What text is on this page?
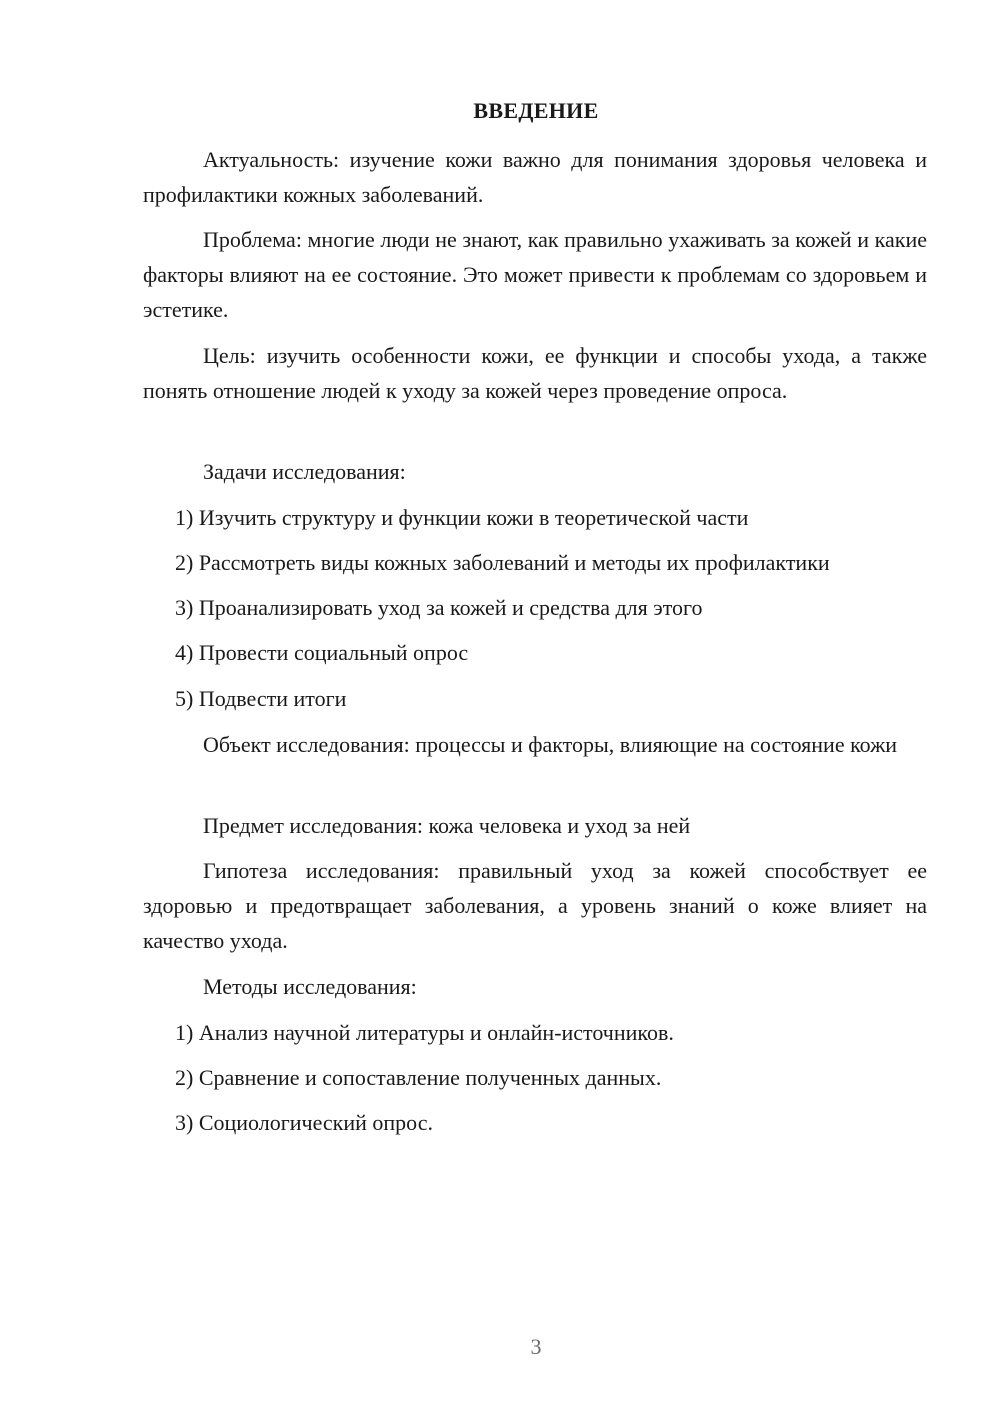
ВВЕДЕНИЕ

Актуальность: изучение кожи важно для понимания здоровья человека и профилактики кожных заболеваний.

Проблема: многие люди не знают, как правильно ухаживать за кожей и какие факторы влияют на ее состояние. Это может привести к проблемам со здоровьем и эстетике.

Цель: изучить особенности кожи, ее функции и способы ухода, а также понять отношение людей к уходу за кожей через проведение опроса.

Задачи исследования:

1) Изучить структуру и функции кожи в теоретической части
2) Рассмотреть виды кожных заболеваний и методы их профилактики
3) Проанализировать уход за кожей и средства для этого
4) Провести социальный опрос
5) Подвести итоги

Объект исследования: процессы и факторы, влияющие на состояние кожи

Предмет исследования: кожа человека и уход за ней

Гипотеза исследования: правильный уход за кожей способствует ее здоровью и предотвращает заболевания, а уровень знаний о коже влияет на качество ухода.

Методы исследования:

1) Анализ научной литературы и онлайн-источников.
2) Сравнение и сопоставление полученных данных.
3) Социологический опрос.
3
